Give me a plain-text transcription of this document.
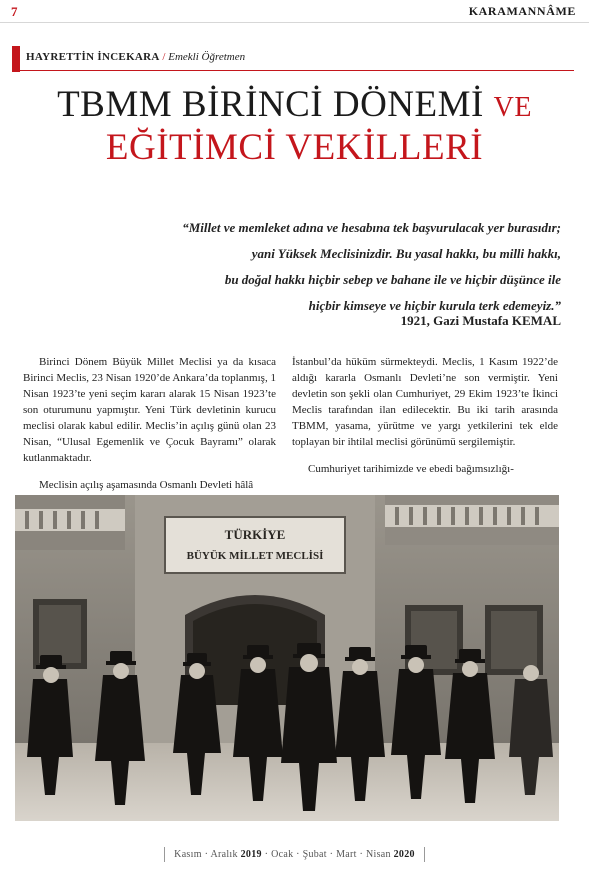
7	KARAMANNÂME
HAYRETTİN İNCEKARA / Emekli Öğretmen
TBMM BİRİNCİ DÖNEMİ VE
EĞİTİMCİ VEKİLLERİ
“Millet ve memleket adına ve hesabına tek başvurulacak yer burasıdır;
yani Yüksek Meclisinizdir. Bu yasal hakkı, bu milli hakkı,
bu doğal hakkı hiçbir sebep ve bahane ile ve hiçbir düşünce ile
hiçbir kimseye ve hiçbir kurula terk edemeyiz.”
1921, Gazi Mustafa KEMAL

Birinci Dönem Büyük Millet Meclisi ya da kısaca Birinci Meclis, 23 Nisan 1920’de Ankara’da toplanmış, 1 Nisan 1923’te yeni seçim kararı alarak 15 Nisan 1923’te son oturumunu yapmıştır. Yeni Türk devletinin kurucu meclisi olarak kabul edilir. Meclis’in açılış günü olan 23 Nisan, “Ulusal Egemenlik ve Çocuk Bayramı” olarak kutlanmaktadır.

Meclisin açılış aşamasında Osmanlı Devleti hâlâ

İstanbul’da hüküm sürmekteydi. Meclis, 1 Kasım 1922’de aldığı kararla Osmanlı Devleti’ne son vermiştir. Yeni devletin son şekli olan Cumhuriyet, 29 Ekim 1923’te İkinci Meclis tarafından ilan edilecektir. Bu iki tarih arasında TBMM, yasama, yürütme ve yargı yetkilerini tek elde toplayan bir ihtilal meclisi görünümü sergilemiştir.

Cumhuriyet tarihimizde ve ebedi bağımsızlığı-

TÜRKİYE
BÜYÜK MİLLET MECLİSİ
Kasım · Aralık 2019 · Ocak · Şubat · Mart · Nisan 2020
